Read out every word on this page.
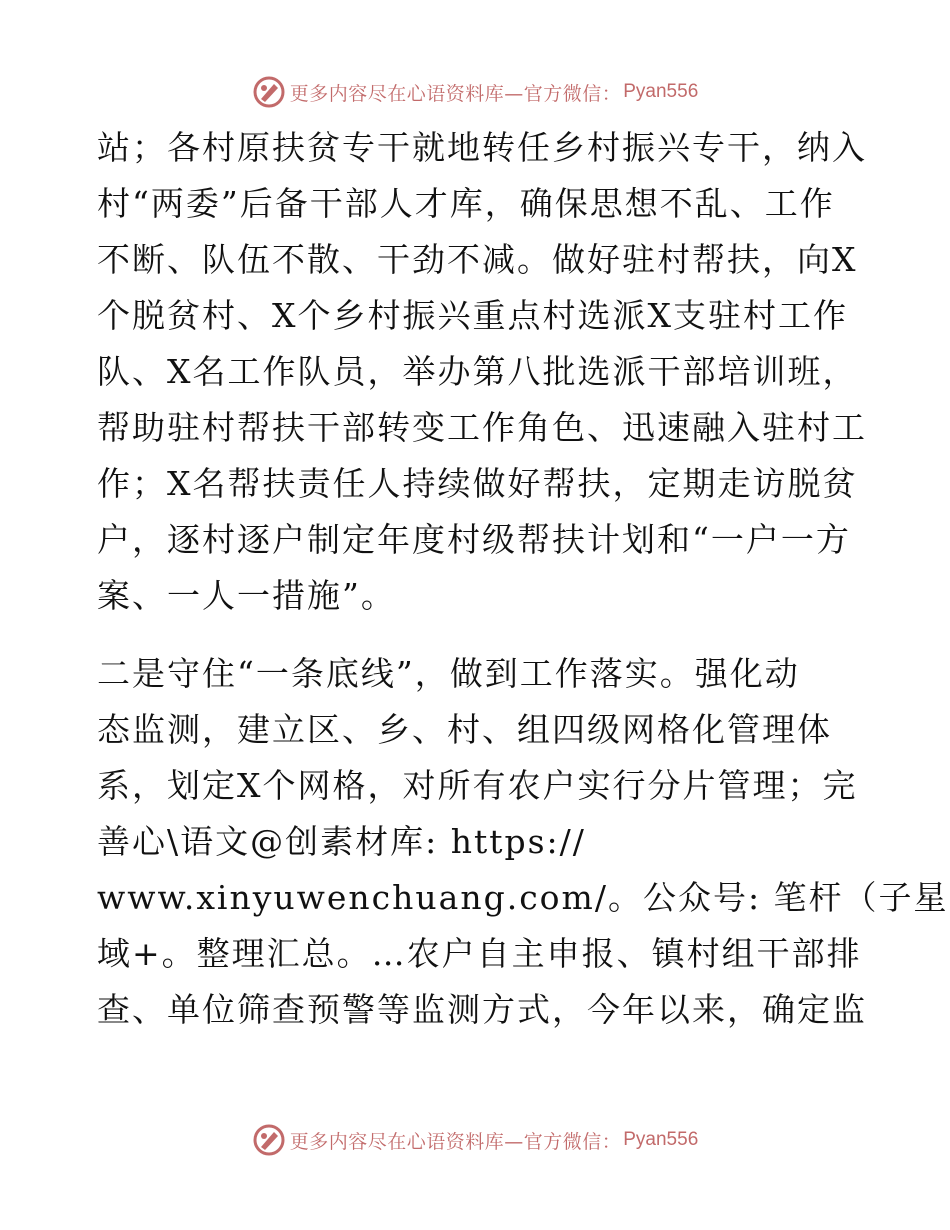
更多内容尽在心语资料库—官方微信： Pyan556
站；各村原扶贫专干就地转任乡村振兴专干，纳入
村“两委”后备干部人才库，确保思想不乱、工作
不断、队伍不散、干劲不减。做好驻村帮扶，向X
个脱贫村、X个乡村振兴重点村选派X支驻村工作
队、X名工作队员，举办第八批选派干部培训班，
帮助驻村帮扶干部转变工作角色、迅速融入驻村工
作；X名帮扶责任人持续做好帮扶，定期走访脱贫
户，逐村逐户制定年度村级帮扶计划和“一户一方
案、一人一措施”。
二是守住“一条底线”，做到工作落实。强化动
态监测，建立区、乡、村、组四级网格化管理体
系，划定X个网格，对所有农户实行分片管理；完
善心\语文@创素材库: https://
www.xinyuwenchuang.com/。公众号: 笔杆（子星
域+。整理汇总。…农户自主申报、镇村组干部排
查、单位筛查预警等监测方式，今年以来，确定监
更多内容尽在心语资料库—官方微信： Pyan556
